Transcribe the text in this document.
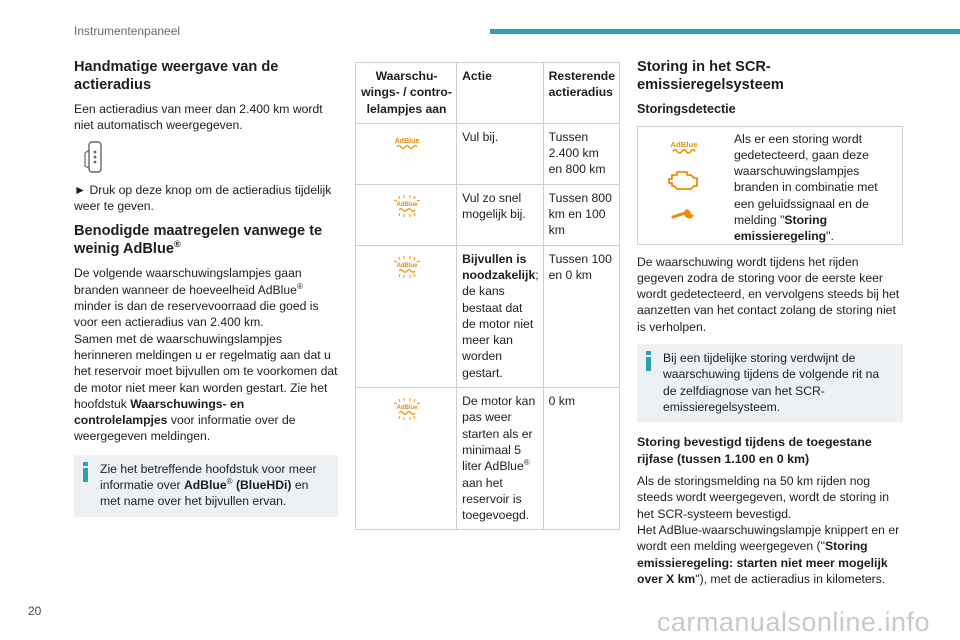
Instrumentenpaneel
Handmatige weergave van de actieradius

Een actieradius van meer dan 2.400 km wordt niet automatisch weergegeven.

► Druk op deze knop om de actieradius tijdelijk weer te geven.

Benodigde maatregelen vanwege te weinig AdBlue®

De volgende waarschuwingslampjes gaan branden wanneer de hoeveelheid AdBlue® minder is dan de reservevoorraad die goed is voor een actieradius van 2.400 km.

Samen met de waarschuwingslampjes herinneren meldingen u er regelmatig aan dat u het reservoir moet bijvullen om te voorkomen dat de motor niet meer kan worden gestart. Zie het hoofdstuk Waarschuwings- en controlelampjes voor informatie over de weergegeven meldingen.

Zie het betreffende hoofdstuk voor meer informatie over AdBlue® (BlueHDi) en met name over het bijvullen ervan.

Waarschu-wings- / contro-lelampjes aan	Actie	Resterende actieradius

AdBlue	Vul bij.	Tussen 2.400 km en 800 km

AdBlue	Vul zo snel mogelijk bij.	Tussen 800 km en 100 km

AdBlue	Bijvullen is noodzakelijk; de kans bestaat dat de motor niet meer kan worden gestart.	Tussen 100 en 0 km

AdBlue	De motor kan pas weer starten als er minimaal 5 liter AdBlue® aan het reservoir is toegevoegd.	0 km
Storing in het SCR-emissieregelsysteem
Storingsdetectie
AdBlue
	Als er een storing wordt gedetecteerd, gaan deze waarschuwingslampjes branden in combinatie met een geluidssignaal en de melding "Storing emissieregeling".

De waarschuwing wordt tijdens het rijden gegeven zodra de storing voor de eerste keer wordt gedetecteerd, en vervolgens steeds bij het aanzetten van het contact zolang de storing niet is verholpen.

Bij een tijdelijke storing verdwijnt de waarschuwing tijdens de volgende rit na de zelfdiagnose van het SCR-emissieregelsysteem.

Storing bevestigd tijdens de toegestane rijfase (tussen 1.100 en 0 km)

Als de storingsmelding na 50 km rijden nog steeds wordt weergegeven, wordt de storing in het SCR-systeem bevestigd.

Het AdBlue-waarschuwingslampje knippert en er wordt een melding weergegeven ("Storing emissieregeling: starten niet meer mogelijk over X km"), met de actieradius in kilometers.

20	carmanualsonline.info
